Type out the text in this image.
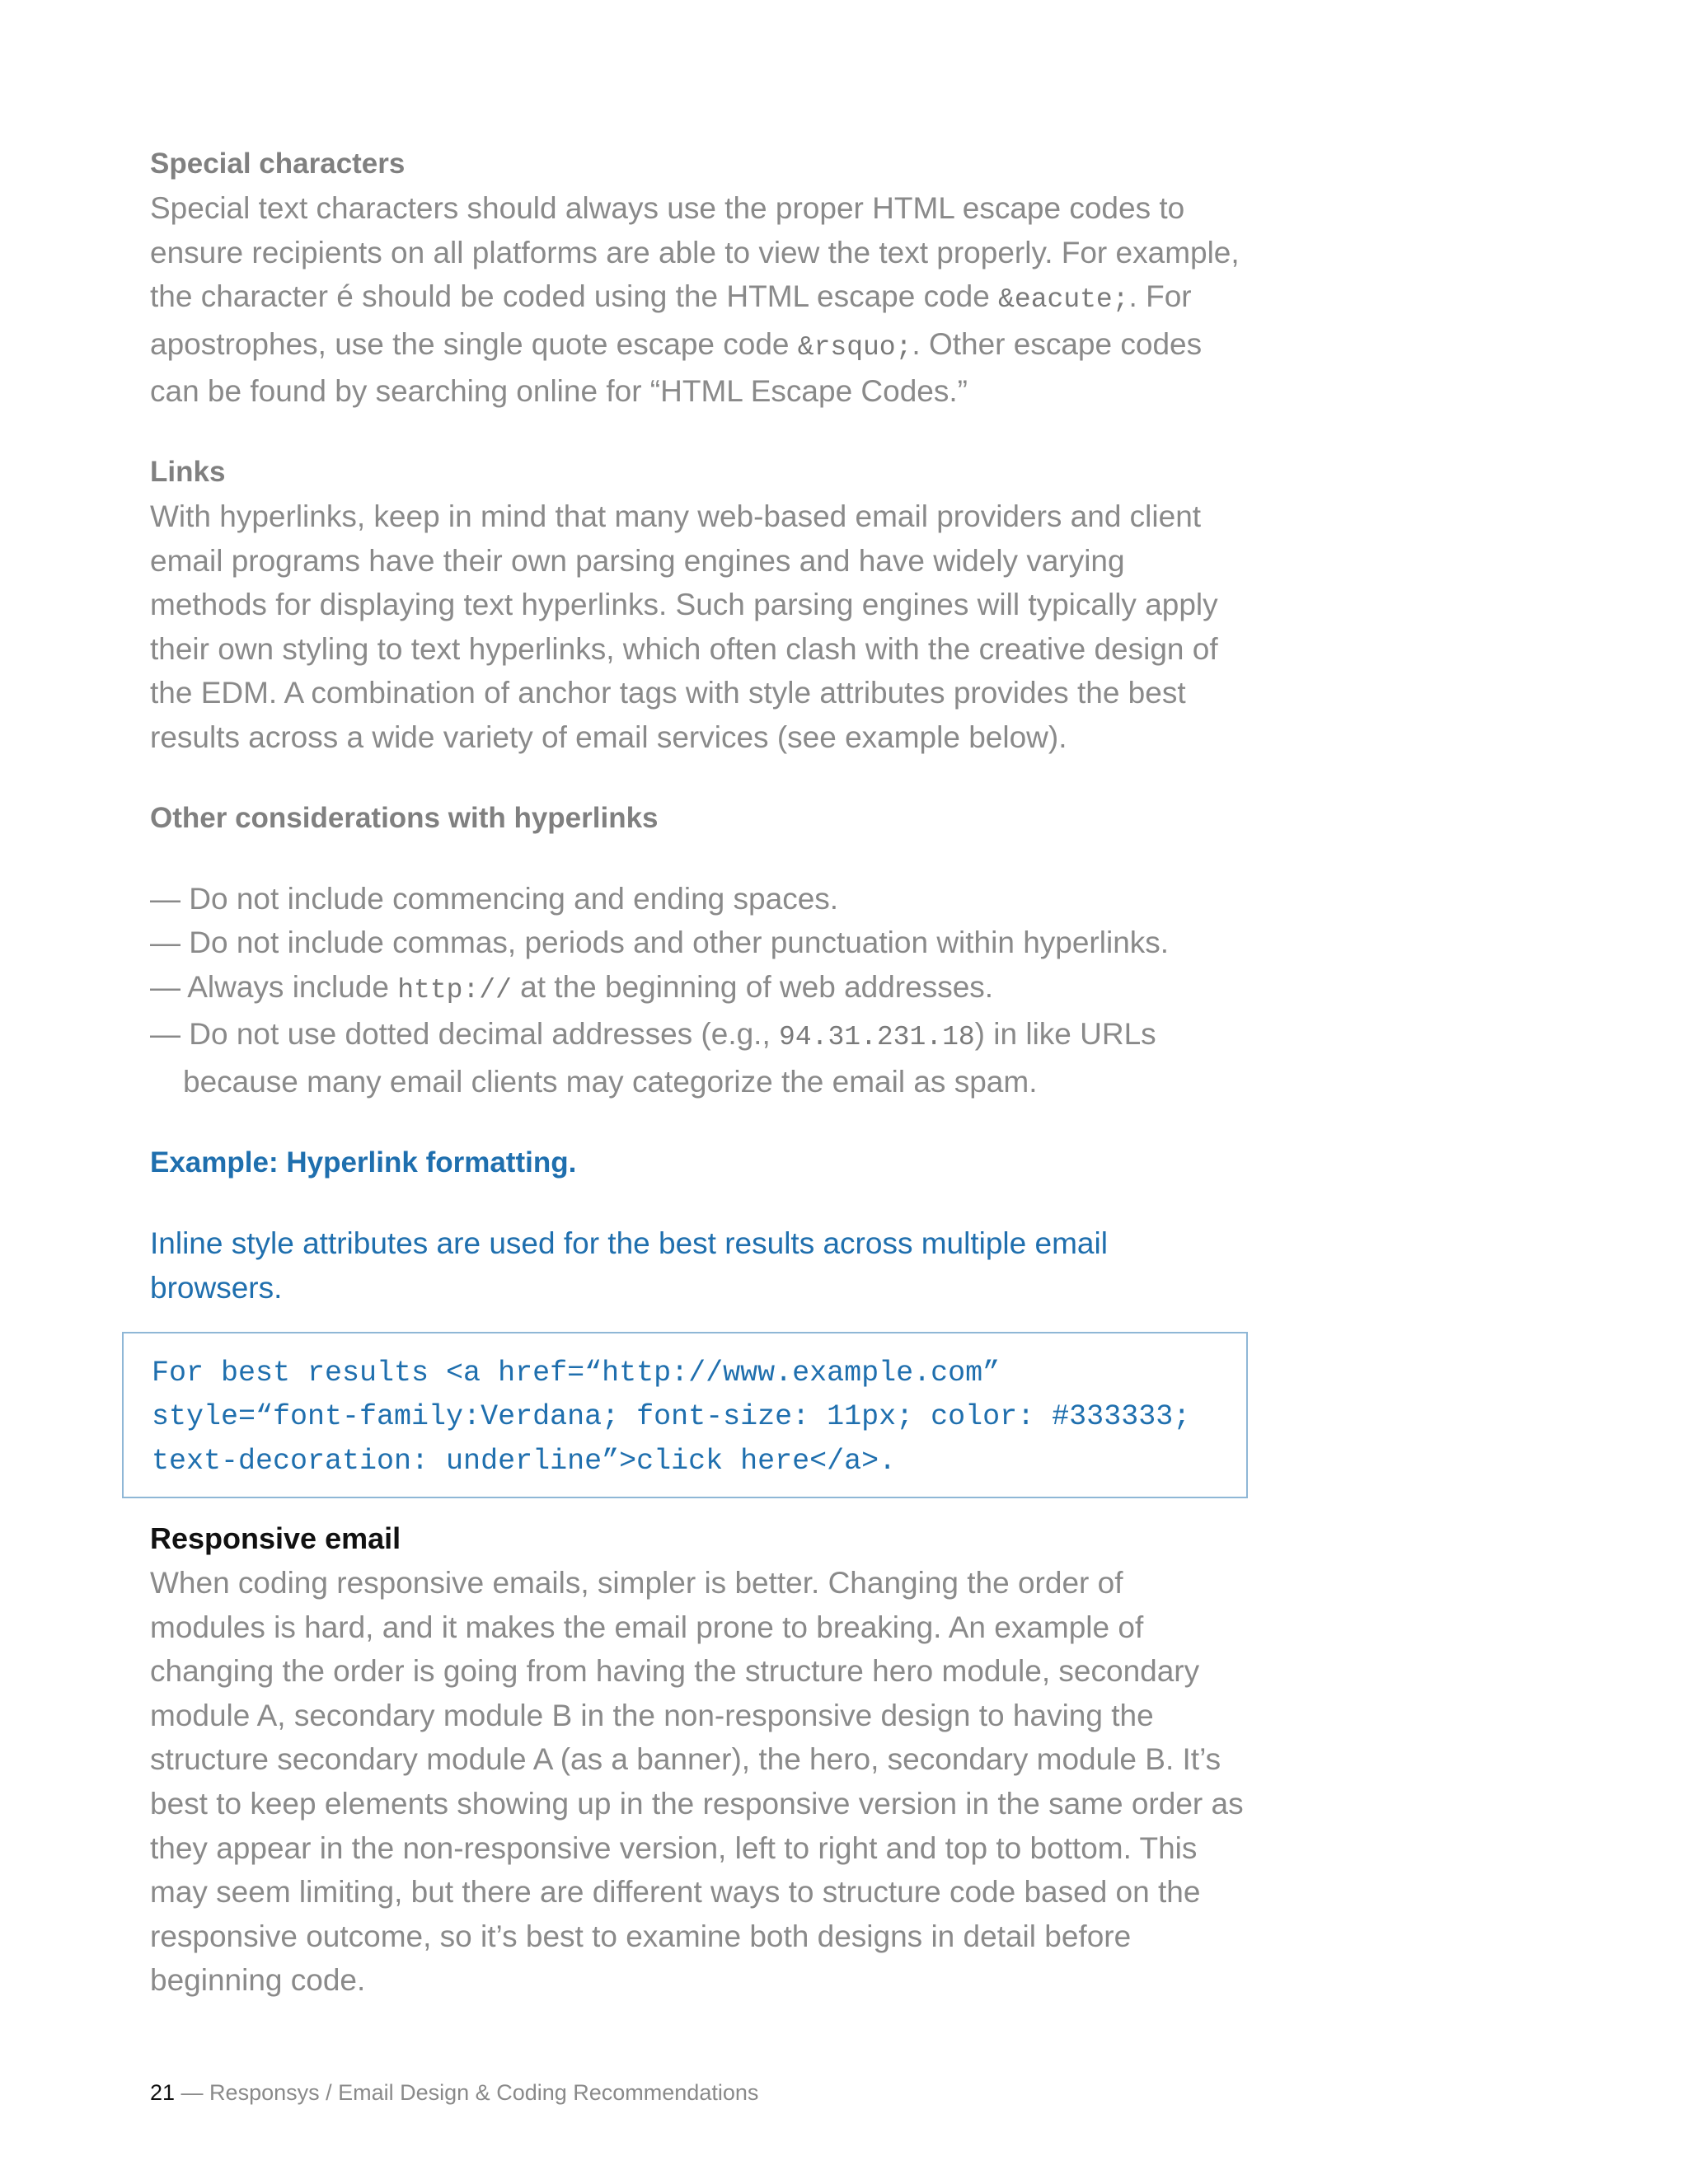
Special characters

Special text characters should always use the proper HTML escape codes to ensure recipients on all platforms are able to view the text properly. For example, the character é should be coded using the HTML escape code &eacute;. For apostrophes, use the single quote escape code &rsquo;. Other escape codes can be found by searching online for “HTML Escape Codes.”

Links

With hyperlinks, keep in mind that many web-based email providers and client email programs have their own parsing engines and have widely varying methods for displaying text hyperlinks. Such parsing engines will typically apply their own styling to text hyperlinks, which often clash with the creative design of the EDM. A combination of anchor tags with style attributes provides the best results across a wide variety of email services (see example below).

Other considerations with hyperlinks
— Do not include commencing and ending spaces.
— Do not include commas, periods and other punctuation within hyperlinks.
— Always include http:// at the beginning of web addresses.
— Do not use dotted decimal addresses (e.g., 94.31.231.18) in like URLs because many email clients may categorize the email as spam.
Example: Hyperlink formatting.

Inline style attributes are used for the best results across multiple email browsers.

For best results <a href=“http://www.example.com” style=“font-family:Verdana; font-size: 11px; color: #333333; text-decoration: underline”>click here</a>.

Responsive email

When coding responsive emails, simpler is better. Changing the order of modules is hard, and it makes the email prone to breaking. An example of changing the order is going from having the structure hero module, secondary module A, secondary module B in the non-responsive design to having the structure secondary module A (as a banner), the hero, secondary module B. It’s best to keep elements showing up in the responsive version in the same order as they appear in the non-responsive version, left to right and top to bottom. This may seem limiting, but there are different ways to structure code based on the responsive outcome, so it’s best to examine both designs in detail before beginning code.

21 — Responsys / Email Design & Coding Recommendations
